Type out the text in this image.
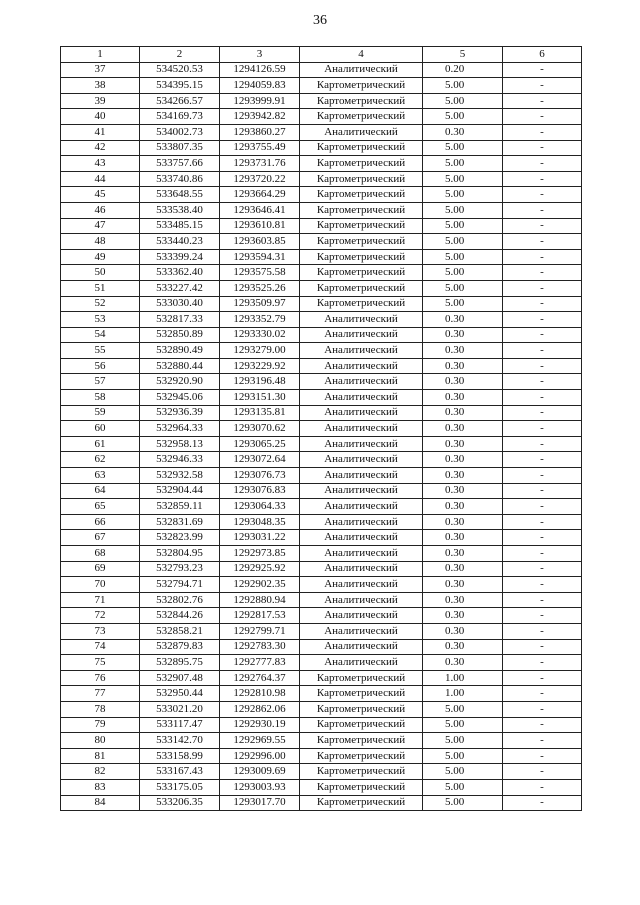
36
1	2	3	4	5	6
37	534520.53	1294126.59	Аналитический	0.20	-
38	534395.15	1294059.83	Картометрический	5.00	-
39	534266.57	1293999.91	Картометрический	5.00	-
40	534169.73	1293942.82	Картометрический	5.00	-
41	534002.73	1293860.27	Аналитический	0.30	-
42	533807.35	1293755.49	Картометрический	5.00	-
43	533757.66	1293731.76	Картометрический	5.00	-
44	533740.86	1293720.22	Картометрический	5.00	-
45	533648.55	1293664.29	Картометрический	5.00	-
46	533538.40	1293646.41	Картометрический	5.00	-
47	533485.15	1293610.81	Картометрический	5.00	-
48	533440.23	1293603.85	Картометрический	5.00	-
49	533399.24	1293594.31	Картометрический	5.00	-
50	533362.40	1293575.58	Картометрический	5.00	-
51	533227.42	1293525.26	Картометрический	5.00	-
52	533030.40	1293509.97	Картометрический	5.00	-
53	532817.33	1293352.79	Аналитический	0.30	-
54	532850.89	1293330.02	Аналитический	0.30	-
55	532890.49	1293279.00	Аналитический	0.30	-
56	532880.44	1293229.92	Аналитический	0.30	-
57	532920.90	1293196.48	Аналитический	0.30	-
58	532945.06	1293151.30	Аналитический	0.30	-
59	532936.39	1293135.81	Аналитический	0.30	-
60	532964.33	1293070.62	Аналитический	0.30	-
61	532958.13	1293065.25	Аналитический	0.30	-
62	532946.33	1293072.64	Аналитический	0.30	-
63	532932.58	1293076.73	Аналитический	0.30	-
64	532904.44	1293076.83	Аналитический	0.30	-
65	532859.11	1293064.33	Аналитический	0.30	-
66	532831.69	1293048.35	Аналитический	0.30	-
67	532823.99	1293031.22	Аналитический	0.30	-
68	532804.95	1292973.85	Аналитический	0.30	-
69	532793.23	1292925.92	Аналитический	0.30	-
70	532794.71	1292902.35	Аналитический	0.30	-
71	532802.76	1292880.94	Аналитический	0.30	-
72	532844.26	1292817.53	Аналитический	0.30	-
73	532858.21	1292799.71	Аналитический	0.30	-
74	532879.83	1292783.30	Аналитический	0.30	-
75	532895.75	1292777.83	Аналитический	0.30	-
76	532907.48	1292764.37	Картометрический	1.00	-
77	532950.44	1292810.98	Картометрический	1.00	-
78	533021.20	1292862.06	Картометрический	5.00	-
79	533117.47	1292930.19	Картометрический	5.00	-
80	533142.70	1292969.55	Картометрический	5.00	-
81	533158.99	1292996.00	Картометрический	5.00	-
82	533167.43	1293009.69	Картометрический	5.00	-
83	533175.05	1293003.93	Картометрический	5.00	-
84	533206.35	1293017.70	Картометрический	5.00	-
